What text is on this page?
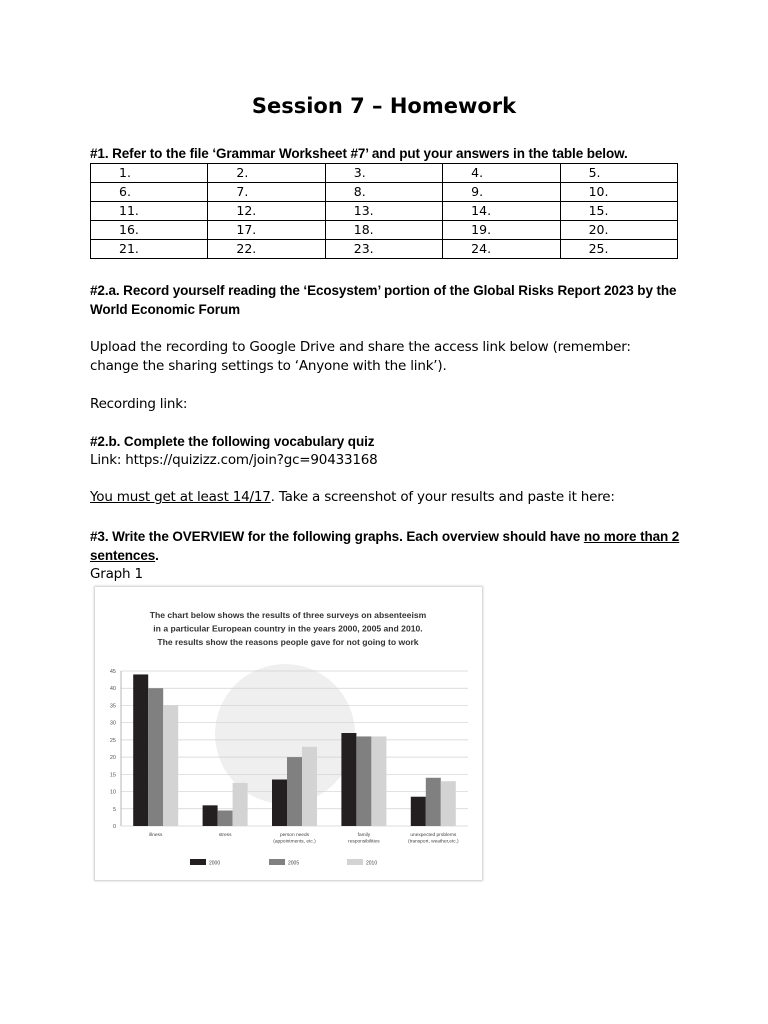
Session 7 – Homework
#1. Refer to the file ‘Grammar Worksheet #7’ and put your answers in the table below.
1.	2.	3.	4.	5.
6.	7.	8.	9.	10.
11.	12.	13.	14.	15.
16.	17.	18.	19.	20.
21.	22.	23.	24.	25.
#2.a. Record yourself reading the ‘Ecosystem’ portion of the Global Risks Report 2023 by the World Economic Forum
Upload the recording to Google Drive and share the access link below (remember: change the sharing settings to ‘Anyone with the link’).
Recording link:
#2.b. Complete the following vocabulary quiz
Link: https://quizizz.com/join?gc=90433168
You must get at least 14/17. Take a screenshot of your results and paste it here:
#3. Write the OVERVIEW for the following graphs. Each overview should have no more than 2 sentences.
Graph 1
The chart below shows the results of three surveys on absenteeism
in a particular European country in the years 2000, 2005 and 2010.
The results show the reasons people gave for not going to work
0
5
10
15
20
25
30
35
40
45
illness	stress	person needs
(appointments, etc.)
family
responsibilities
unexpected problems
(transport, weather,etc.)
2000	2005	2010
